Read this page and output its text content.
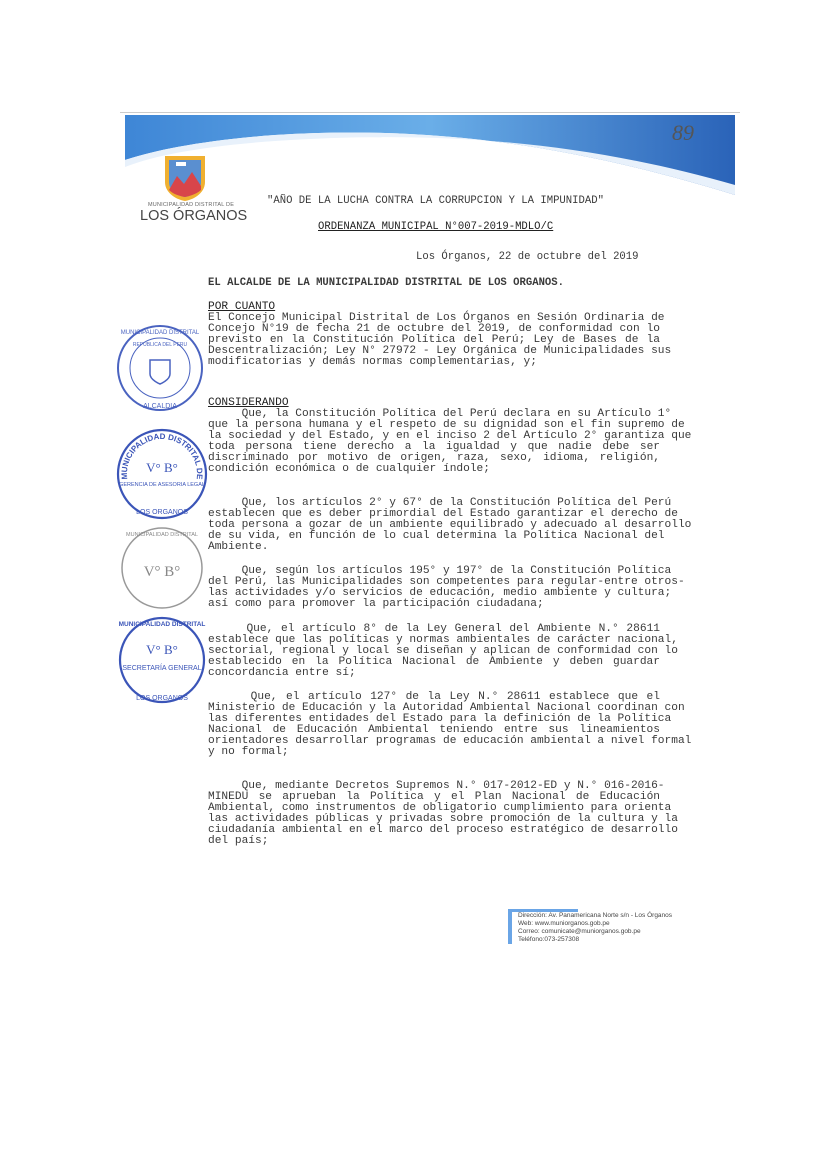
89
MUNICIPALIDAD DISTRITAL DE
LOS ÓRGANOS
"AÑO DE LA LUCHA CONTRA LA CORRUPCION Y LA IMPUNIDAD"
ORDENANZA MUNICIPAL N°007-2019-MDLO/C
Los Órganos, 22 de octubre del 2019
EL ALCALDE DE LA MUNICIPALIDAD DISTRITAL DE LOS ORGANOS.
POR CUANTO
El Concejo Municipal Distrital de Los Órganos en Sesión Ordinaria de
Concejo N°19 de fecha 21 de octubre del 2019, de conformidad con lo
previsto en la Constitución Política del Perú; Ley de Bases de la
Descentralización; Ley N° 27972 - Ley Orgánica de Municipalidades sus
modificatorias y demás normas complementarias, y;
CONSIDERANDO
Que, la Constitución Política del Perú declara en su Artículo 1°
que la persona humana y el respeto de su dignidad son el fin supremo de
la sociedad y del Estado, y en el inciso 2 del Artículo 2° garantiza que
toda persona tiene derecho a la igualdad y que nadie debe ser
discriminado por motivo de origen, raza, sexo, idioma, religión,
condición económica o de cualquier índole;
Que, los artículos 2° y 67° de la Constitución Política del Perú
establecen que es deber primordial del Estado garantizar el derecho de
toda persona a gozar de un ambiente equilibrado y adecuado al desarrollo
de su vida, en función de lo cual determina la Política Nacional del
Ambiente.
Que, según los artículos 195° y 197° de la Constitución Política
del Perú, las Municipalidades son competentes para regular-entre otros-
las actividades y/o servicios de educación, medio ambiente y cultura;
así como para promover la participación ciudadana;
Que, el artículo 8° de la Ley General del Ambiente N.° 28611
establece que las políticas y normas ambientales de carácter nacional,
sectorial, regional y local se diseñan y aplican de conformidad con lo
establecido en la Política Nacional de Ambiente y deben guardar
concordancia entre sí;
Que, el artículo 127° de la Ley N.° 28611 establece que el
Ministerio de Educación y la Autoridad Ambiental Nacional coordinan con
las diferentes entidades del Estado para la definición de la Política
Nacional de Educación Ambiental teniendo entre sus lineamientos
orientadores desarrollar programas de educación ambiental a nivel formal
y no formal;
Que, mediante Decretos Supremos N.° 017-2012-ED y N.° 016-2016-
MINEDU se aprueban la Política y el Plan Nacional de Educación
Ambiental, como instrumentos de obligatorio cumplimiento para orienta
las actividades públicas y privadas sobre promoción de la cultura y la
ciudadanía ambiental en el marco del proceso estratégico de desarrollo
del país;
REPUBLICA DEL PERU
MUNICIPALIDAD DISTRITAL
ALCALDIA
MUNICIPALIDAD DISTRITAL DE
V° B°
GERENCIA DE ASESORIA LEGAL
LOS ORGANOS
MUNICIPALIDAD DISTRITAL
V° B°
MUNICIPALIDAD DISTRITAL
V° B°
SECRETARÍA GENERAL
LOS ORGANOS
Dirección: Av. Panamericana Norte s/n - Los Órganos
Web: www.muniorganos.gob.pe
Correo: comunicate@muniorganos.gob.pe
Teléfono:073-257308
